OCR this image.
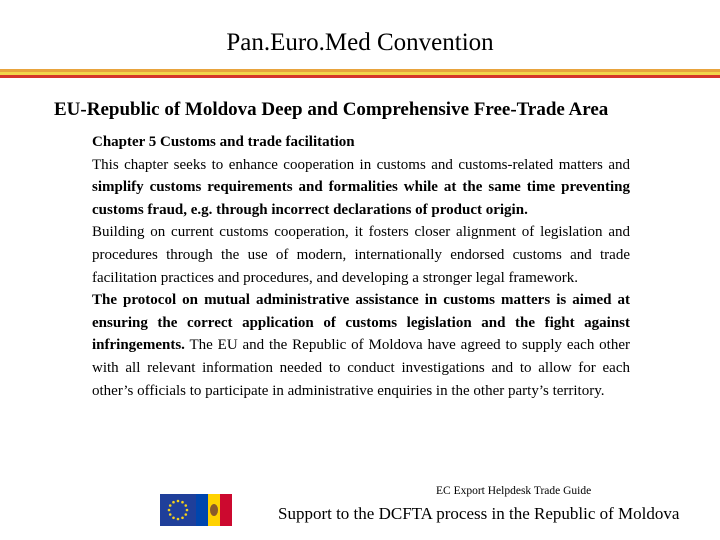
Pan.Euro.Med Convention
EU-Republic of Moldova Deep and Comprehensive Free-Trade Area

Chapter 5 Customs and trade facilitation

This chapter seeks to enhance cooperation in customs and customs-related matters and simplify customs requirements and formalities while at the same time preventing customs fraud, e.g. through incorrect declarations of product origin.

Building on current customs cooperation, it fosters closer alignment of legislation and procedures through the use of modern, internationally endorsed customs and trade facilitation practices and procedures, and developing a stronger legal framework.

The protocol on mutual administrative assistance in customs matters is aimed at ensuring the correct application of customs legislation and the fight against infringements. The EU and the Republic of Moldova have agreed to supply each other with all relevant information needed to conduct investigations and to allow for each other’s officials to participate in administrative enquiries in the other party’s territory.

EC Export Helpdesk Trade Guide
Support to the DCFTA process in the Republic of Moldova
